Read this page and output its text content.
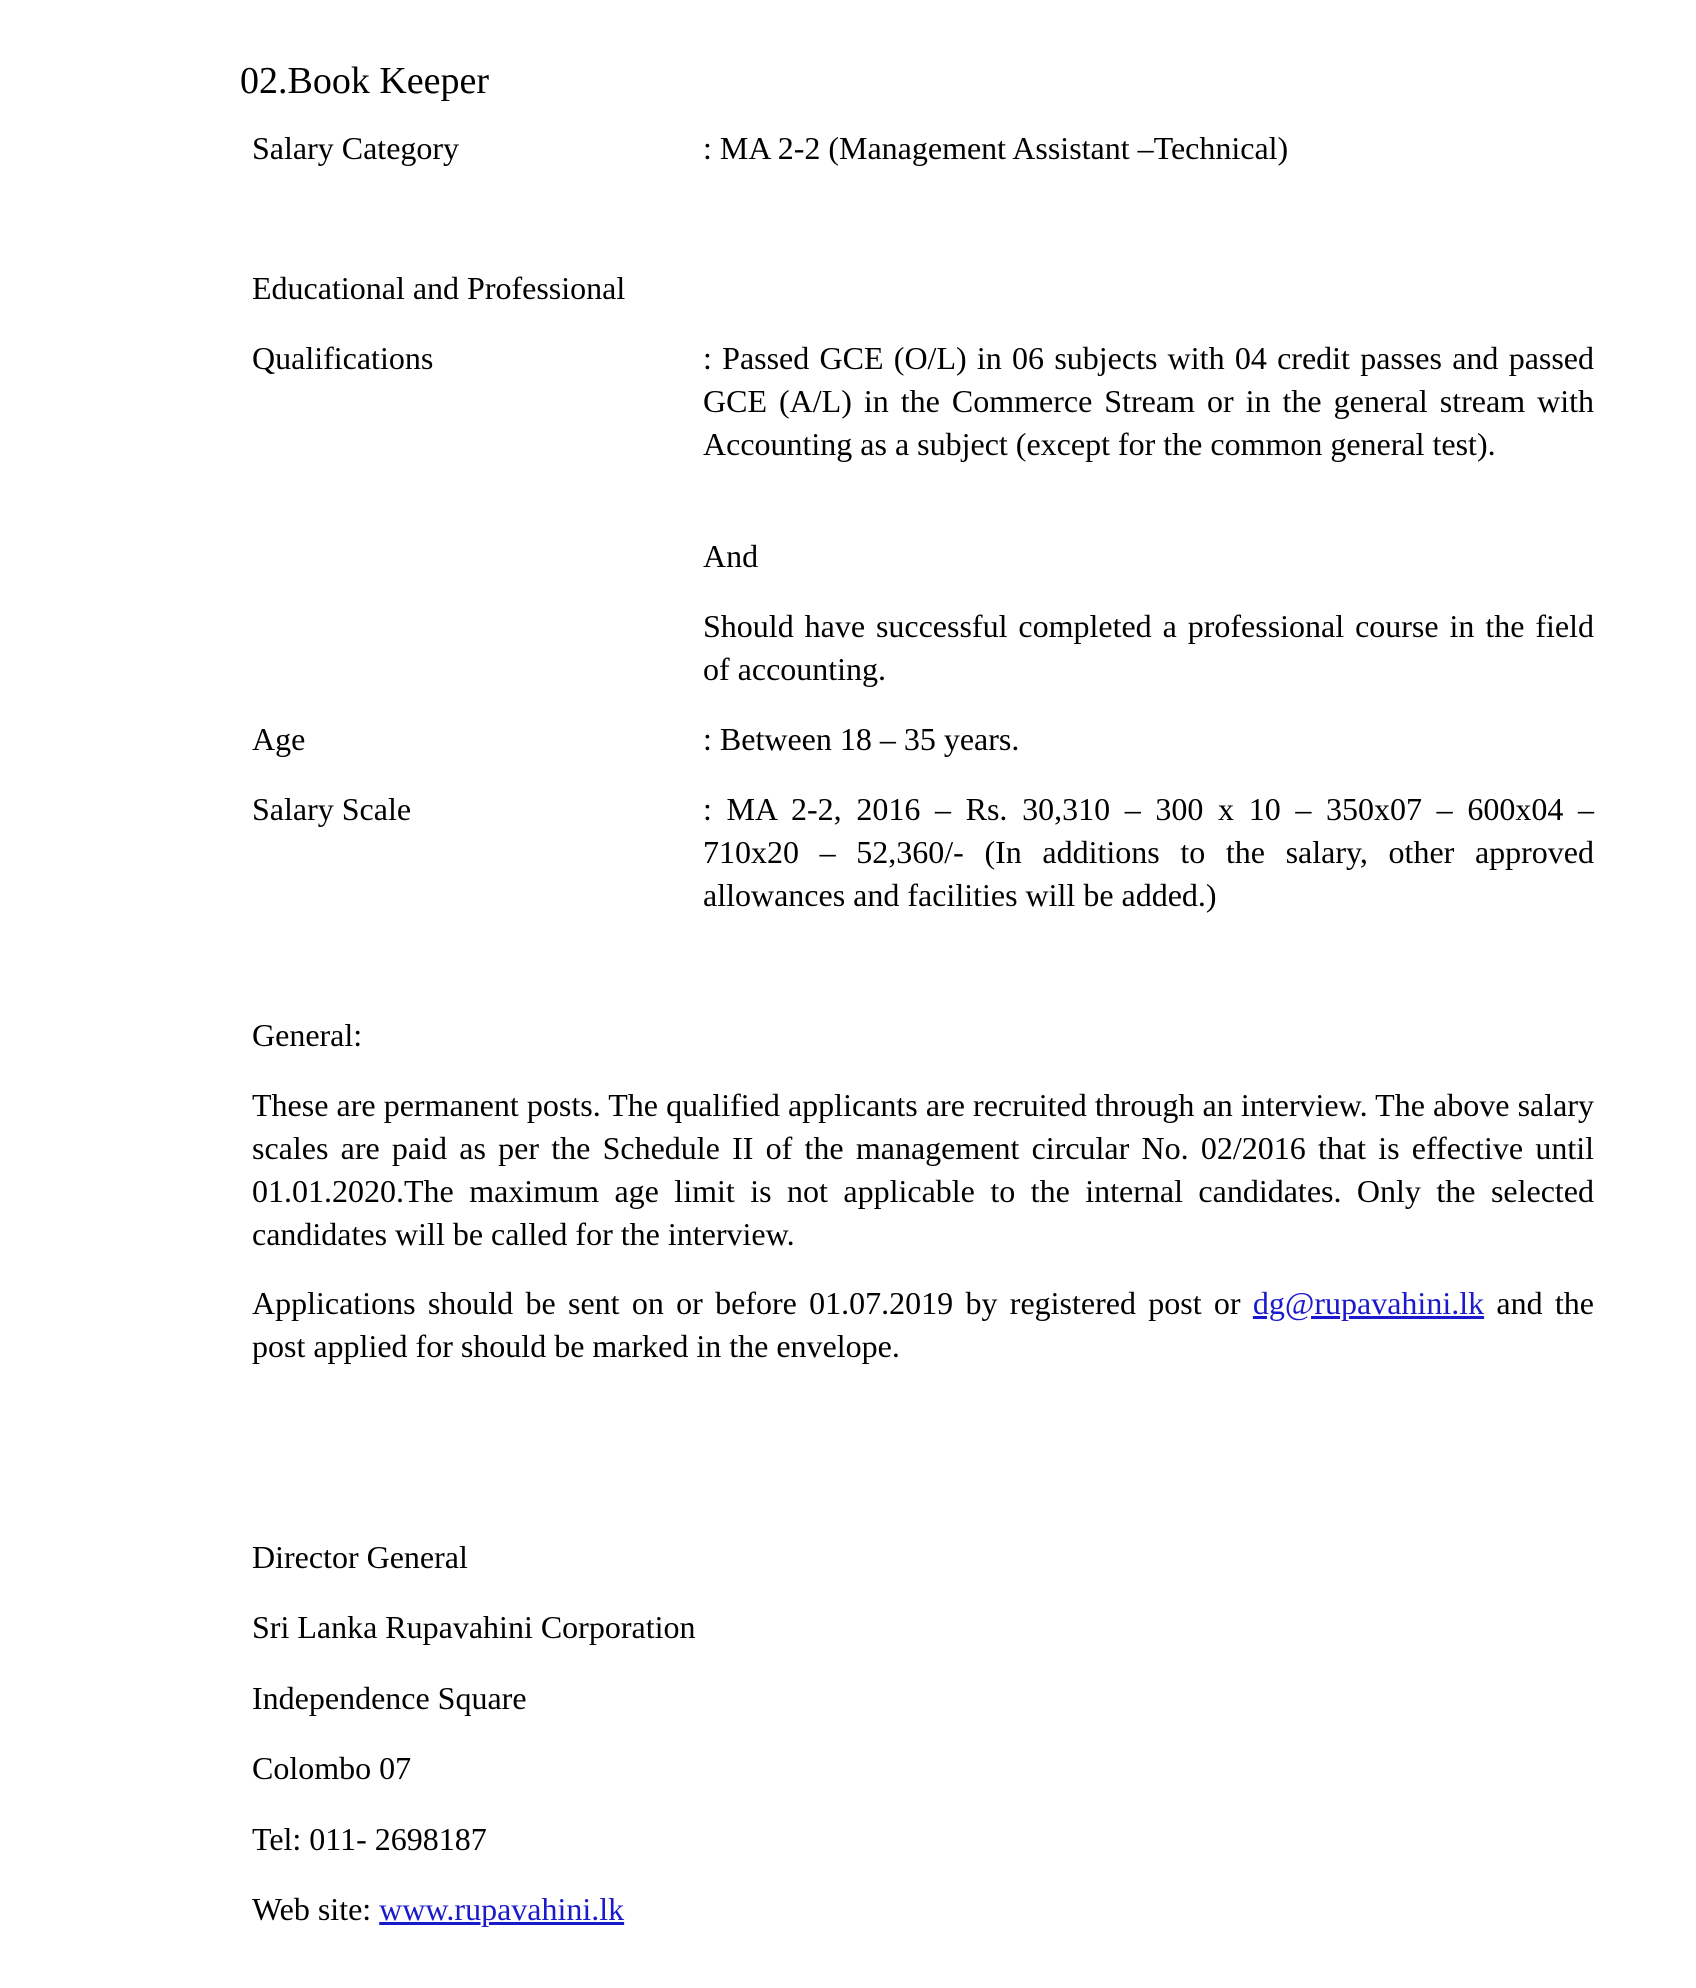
02.Book Keeper
Salary Category	: MA 2-2 (Management Assistant –Technical)
Educational and Professional
Qualifications	: Passed GCE (O/L) in 06 subjects with 04 credit passes and passed GCE (A/L) in the Commerce Stream or in the general stream with Accounting as a subject (except for the common general test).
And
Should have successful completed a professional course in the field of accounting.
Age	: Between 18 – 35 years.
Salary Scale	: MA 2-2, 2016 – Rs. 30,310 – 300 x 10 – 350x07 – 600x04 – 710x20 – 52,360/- (In additions to the salary, other approved allowances and facilities will be added.)
General:
These are permanent posts. The qualified applicants are recruited through an interview. The above salary scales are paid as per the Schedule II of the management circular No. 02/2016 that is effective until 01.01.2020.The maximum age limit is not applicable to the internal candidates. Only the selected candidates will be called for the interview.
Applications should be sent on or before 01.07.2019 by registered post or dg@rupavahini.lk and the post applied for should be marked in the envelope.
Director General
Sri Lanka Rupavahini Corporation
Independence Square
Colombo 07
Tel: 011- 2698187
Web site: www.rupavahini.lk
